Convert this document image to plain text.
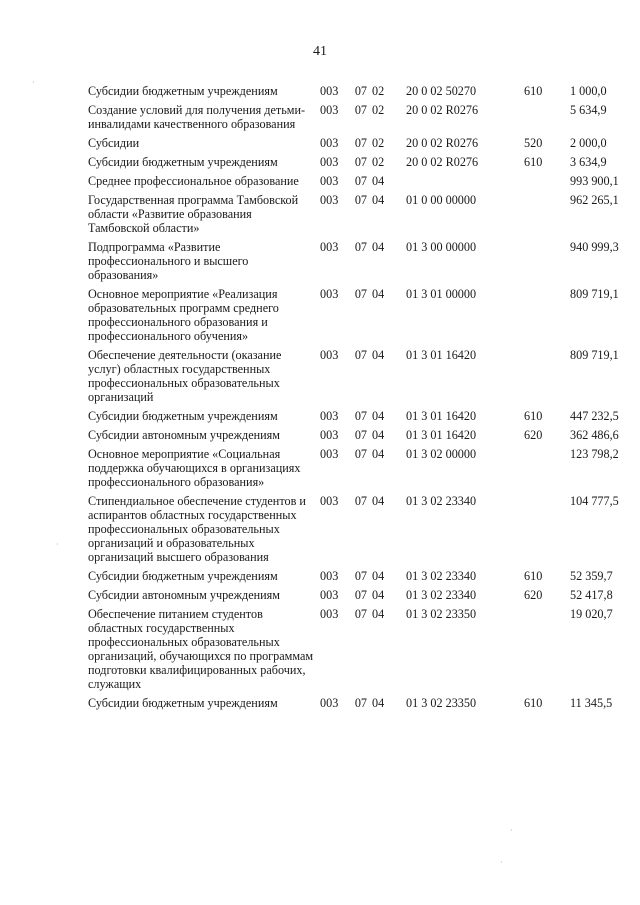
41
Субсидии бюджетным учреждениям	003	07	02	20 0 02 50270	610	1 000,0
Создание условий для получения детьми-инвалидами качественного образования	003	07	02	20 0 02 R0276		5 634,9
Субсидии	003	07	02	20 0 02 R0276	520	2 000,0
Субсидии бюджетным учреждениям	003	07	02	20 0 02 R0276	610	3 634,9
Среднее профессиональное образование	003	07	04			993 900,1
Государственная программа Тамбовской области «Развитие образования Тамбовской области»	003	07	04	01 0 00 00000		962 265,1
Подпрограмма «Развитие профессионального и высшего образования»	003	07	04	01 3 00 00000		940 999,3
Основное мероприятие «Реализация образовательных программ среднего профессионального образования и профессионального обучения»	003	07	04	01 3 01 00000		809 719,1
Обеспечение деятельности (оказание услуг) областных государственных профессиональных образовательных организаций	003	07	04	01 3 01 16420		809 719,1
Субсидии бюджетным учреждениям	003	07	04	01 3 01 16420	610	447 232,5
Субсидии автономным учреждениям	003	07	04	01 3 01 16420	620	362 486,6
Основное мероприятие «Социальная поддержка обучающихся в организациях профессионального образования»	003	07	04	01 3 02 00000		123 798,2
Стипендиальное обеспечение студентов и аспирантов областных государственных профессиональных образовательных организаций и образовательных организаций высшего образования	003	07	04	01 3 02 23340		104 777,5
Субсидии бюджетным учреждениям	003	07	04	01 3 02 23340	610	52 359,7
Субсидии автономным учреждениям	003	07	04	01 3 02 23340	620	52 417,8
Обеспечение питанием студентов областных государственных профессиональных образовательных организаций, обучающихся по программам подготовки квалифицированных рабочих, служащих	003	07	04	01 3 02 23350		19 020,7
Субсидии бюджетным учреждениям	003	07	04	01 3 02 23350	610	11 345,5
·
·
·
·
